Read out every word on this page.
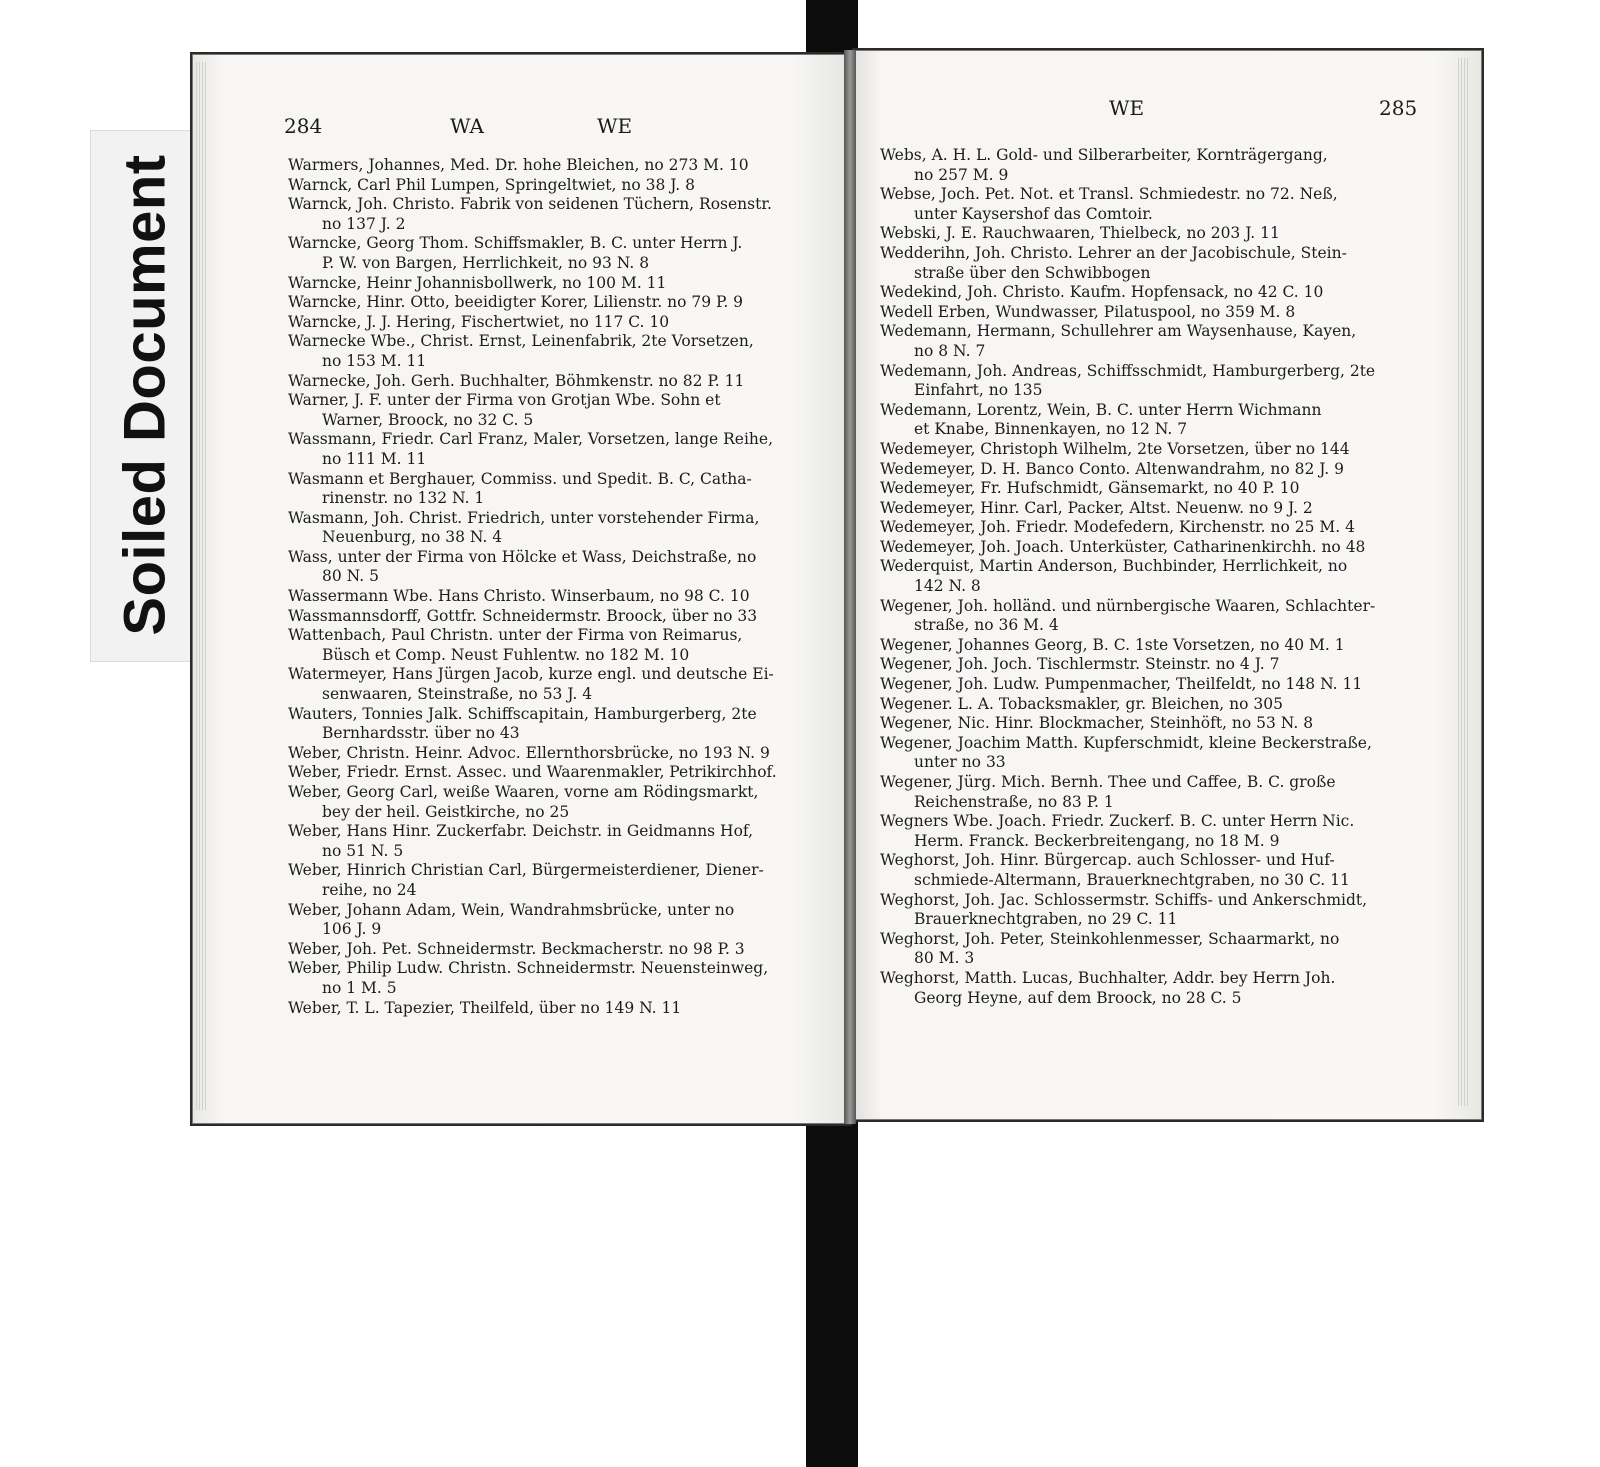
Soiled Document
284	WA	WE
Warmers, Johannes, Med. Dr. hohe Bleichen, no 273 M. 10
Warnck, Carl Phil Lumpen, Springeltwiet, no 38 J. 8
Warnck, Joh. Christo. Fabrik von seidenen Tüchern, Rosenstr.
no 137 J. 2
Warncke, Georg Thom. Schiffsmakler, B. C. unter Herrn J.
P. W. von Bargen, Herrlichkeit, no 93 N. 8
Warncke, Heinr Johannisbollwerk, no 100 M. 11
Warncke, Hinr. Otto, beeidigter Korer, Lilienstr. no 79 P. 9
Warncke, J. J. Hering, Fischertwiet, no 117 C. 10
Warnecke Wbe., Christ. Ernst, Leinenfabrik, 2te Vorsetzen,
no 153 M. 11
Warnecke, Joh. Gerh. Buchhalter, Böhmkenstr. no 82 P. 11
Warner, J. F. unter der Firma von Grotjan Wbe. Sohn et
Warner, Broock, no 32 C. 5
Wassmann, Friedr. Carl Franz, Maler, Vorsetzen, lange Reihe,
no 111 M. 11
Wasmann et Berghauer, Commiss. und Spedit. B. C, Catha-
rinenstr. no 132 N. 1
Wasmann, Joh. Christ. Friedrich, unter vorstehender Firma,
Neuenburg, no 38 N. 4
Wass, unter der Firma von Hölcke et Wass, Deichstraße, no
80 N. 5
Wassermann Wbe. Hans Christo. Winserbaum, no 98 C. 10
Wassmannsdorff, Gottfr. Schneidermstr. Broock, über no 33
Wattenbach, Paul Christn. unter der Firma von Reimarus,
Büsch et Comp. Neust Fuhlentw. no 182 M. 10
Watermeyer, Hans Jürgen Jacob, kurze engl. und deutsche Ei-
senwaaren, Steinstraße, no 53 J. 4
Wauters, Tonnies Jalk. Schiffscapitain, Hamburgerberg, 2te
Bernhardsstr. über no 43
Weber, Christn. Heinr. Advoc. Ellernthorsbrücke, no 193 N. 9
Weber, Friedr. Ernst. Assec. und Waarenmakler, Petrikirchhof.
Weber, Georg Carl, weiße Waaren, vorne am Rödingsmarkt,
bey der heil. Geistkirche, no 25
Weber, Hans Hinr. Zuckerfabr. Deichstr. in Geidmanns Hof,
no 51 N. 5
Weber, Hinrich Christian Carl, Bürgermeisterdiener, Diener-
reihe, no 24
Weber, Johann Adam, Wein, Wandrahmsbrücke, unter no
106 J. 9
Weber, Joh. Pet. Schneidermstr. Beckmacherstr. no 98 P. 3
Weber, Philip Ludw. Christn. Schneidermstr. Neuensteinweg,
no 1 M. 5
Weber, T. L. Tapezier, Theilfeld, über no 149 N. 11
WE	285
Webs, A. H. L. Gold- und Silberarbeiter, Kornträgergang,
no 257 M. 9
Webse, Joch. Pet. Not. et Transl. Schmiedestr. no 72. Neß,
unter Kaysershof das Comtoir.
Webski, J. E. Rauchwaaren, Thielbeck, no 203 J. 11
Wedderihn, Joh. Christo. Lehrer an der Jacobischule, Stein-
straße über den Schwibbogen
Wedekind, Joh. Christo. Kaufm. Hopfensack, no 42 C. 10
Wedell Erben, Wundwasser, Pilatuspool, no 359 M. 8
Wedemann, Hermann, Schullehrer am Waysenhause, Kayen,
no 8 N. 7
Wedemann, Joh. Andreas, Schiffsschmidt, Hamburgerberg, 2te
Einfahrt, no 135
Wedemann, Lorentz, Wein, B. C. unter Herrn Wichmann
et Knabe, Binnenkayen, no 12 N. 7
Wedemeyer, Christoph Wilhelm, 2te Vorsetzen, über no 144
Wedemeyer, D. H. Banco Conto. Altenwandrahm, no 82 J. 9
Wedemeyer, Fr. Hufschmidt, Gänsemarkt, no 40 P. 10
Wedemeyer, Hinr. Carl, Packer, Altst. Neuenw. no 9 J. 2
Wedemeyer, Joh. Friedr. Modefedern, Kirchenstr. no 25 M. 4
Wedemeyer, Joh. Joach. Unterküster, Catharinenkirchh. no 48
Wederquist, Martin Anderson, Buchbinder, Herrlichkeit, no
142 N. 8
Wegener, Joh. holländ. und nürnbergische Waaren, Schlachter-
straße, no 36 M. 4
Wegener, Johannes Georg, B. C. 1ste Vorsetzen, no 40 M. 1
Wegener, Joh. Joch. Tischlermstr. Steinstr. no 4 J. 7
Wegener, Joh. Ludw. Pumpenmacher, Theilfeldt, no 148 N. 11
Wegener. L. A. Tobacksmakler, gr. Bleichen, no 305
Wegener, Nic. Hinr. Blockmacher, Steinhöft, no 53 N. 8
Wegener, Joachim Matth. Kupferschmidt, kleine Beckerstraße,
unter no 33
Wegener, Jürg. Mich. Bernh. Thee und Caffee, B. C. große
Reichenstraße, no 83 P. 1
Wegners Wbe. Joach. Friedr. Zuckerf. B. C. unter Herrn Nic.
Herm. Franck. Beckerbreitengang, no 18 M. 9
Weghorst, Joh. Hinr. Bürgercap. auch Schlosser- und Huf-
schmiede-Altermann, Brauerknechtgraben, no 30 C. 11
Weghorst, Joh. Jac. Schlossermstr. Schiffs- und Ankerschmidt,
Brauerknechtgraben, no 29 C. 11
Weghorst, Joh. Peter, Steinkohlenmesser, Schaarmarkt, no
80 M. 3
Weghorst, Matth. Lucas, Buchhalter, Addr. bey Herrn Joh.
Georg Heyne, auf dem Broock, no 28 C. 5
